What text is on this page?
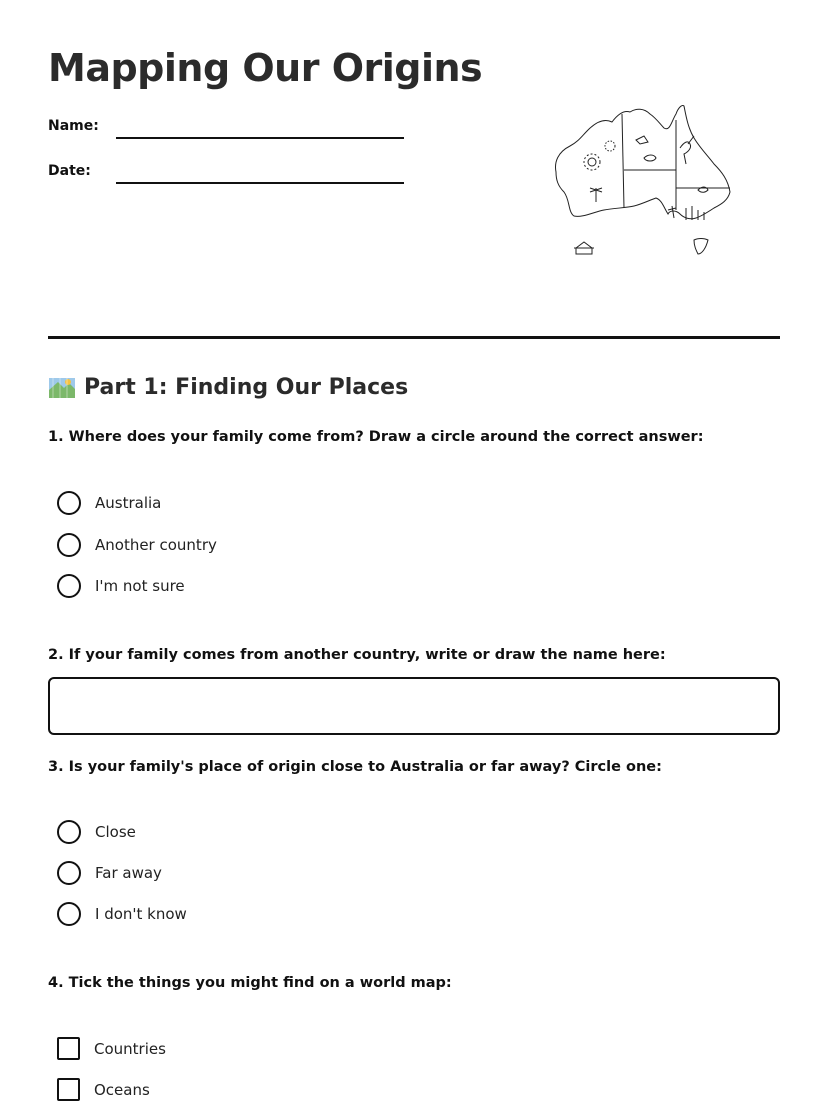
Mapping Our Origins
Name:
Date:
Part 1: Finding Our Places

1. Where does your family come from? Draw a circle around the correct answer:

Australia
Another country
I'm not sure

2. If your family comes from another country, write or draw the name here:

3. Is your family's place of origin close to Australia or far away? Circle one:

Close
Far away
I don't know

4. Tick the things you might find on a world map:

Countries
Oceans
